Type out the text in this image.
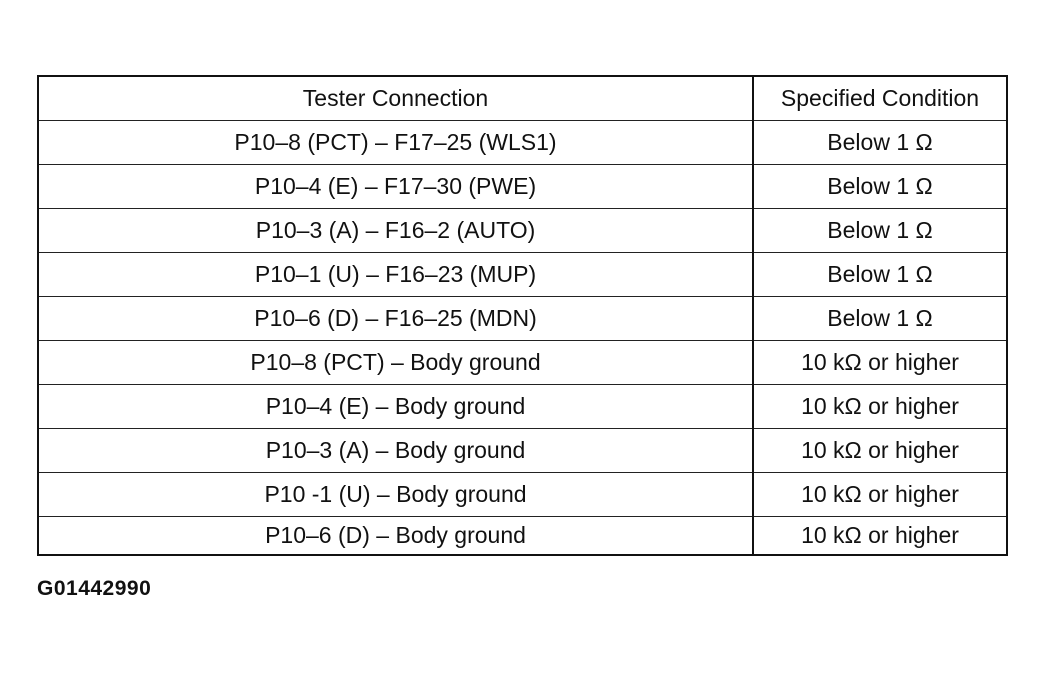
Tester Connection	Specified Condition
P10–8 (PCT) – F17–25 (WLS1)	Below 1 Ω
P10–4 (E) – F17–30 (PWE)	Below 1 Ω
P10–3 (A) – F16–2 (AUTO)	Below 1 Ω
P10–1 (U) – F16–23 (MUP)	Below 1 Ω
P10–6 (D) – F16–25 (MDN)	Below 1 Ω
P10–8 (PCT) – Body ground	10 kΩ or higher
P10–4 (E) – Body ground	10 kΩ or higher
P10–3 (A) – Body ground	10 kΩ or higher
P10 -1 (U) – Body ground	10 kΩ or higher
P10–6 (D) – Body ground	10 kΩ or higher
G01442990
